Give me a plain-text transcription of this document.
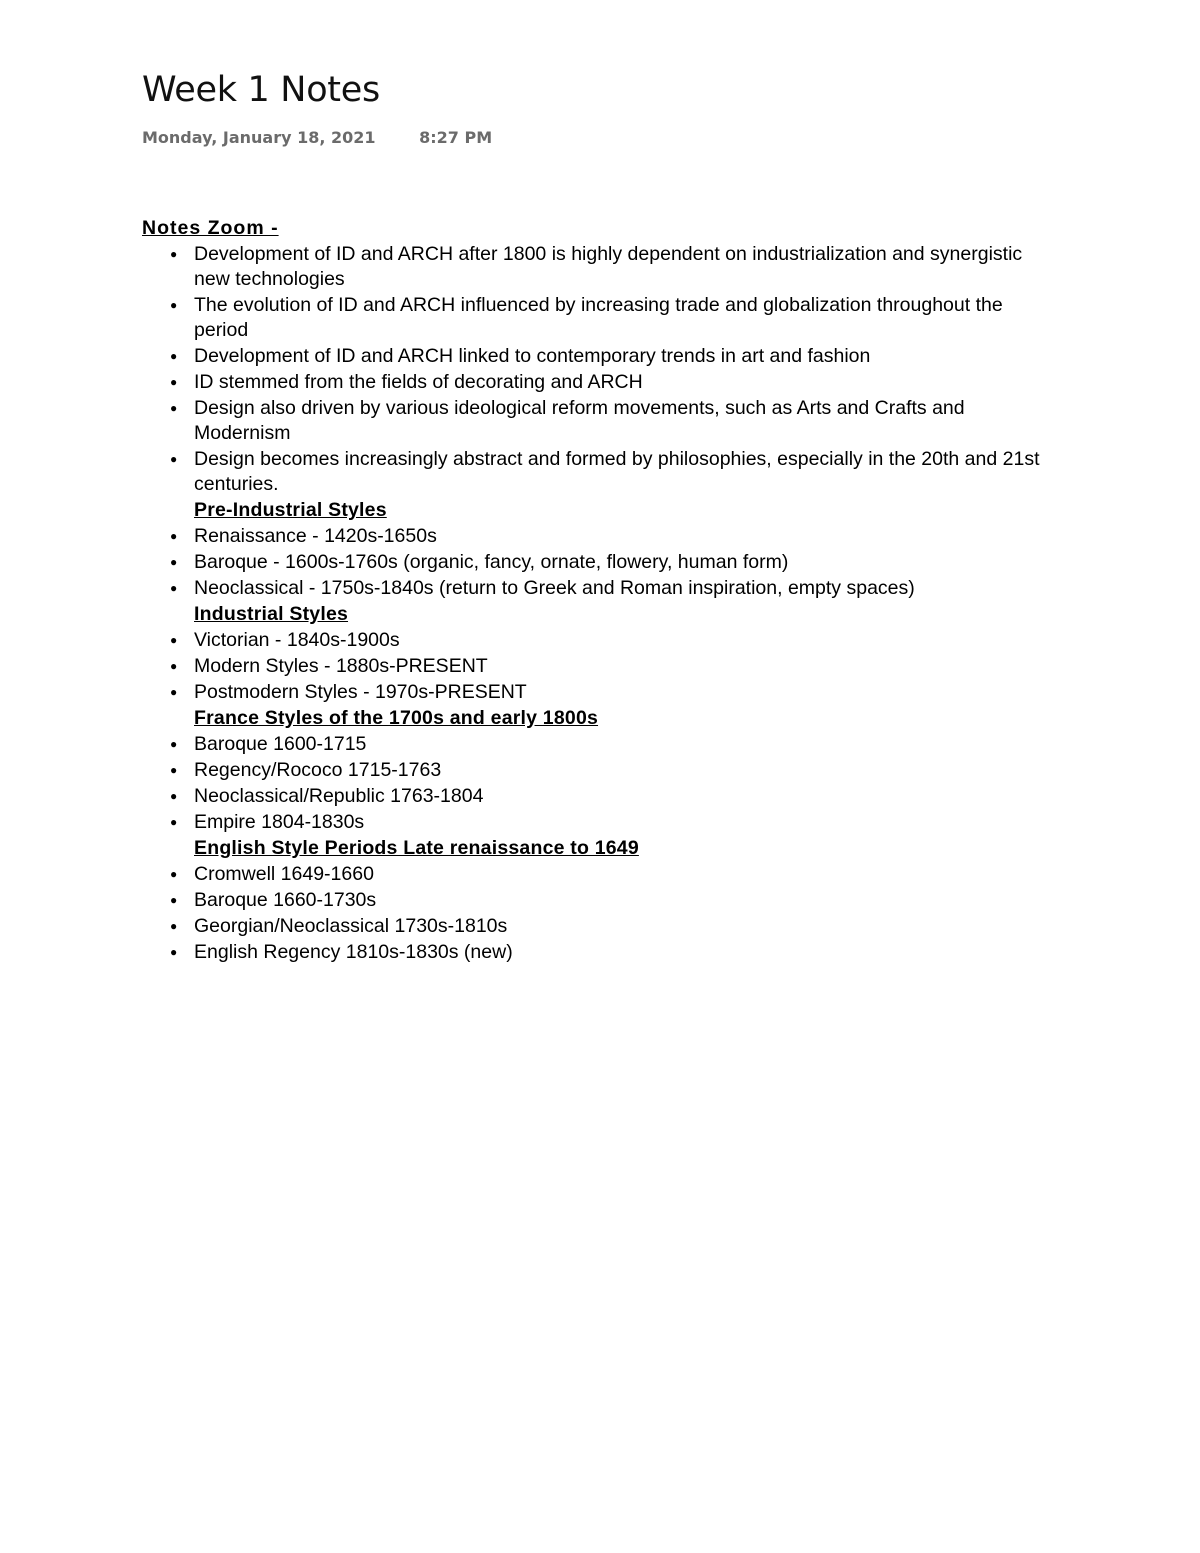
Week 1 Notes
Monday, January 18, 2021	8:27 PM
Notes Zoom -
● Development of ID and ARCH after 1800 is highly dependent on industrialization and synergistic new technologies
● The evolution of ID and ARCH influenced by increasing trade and globalization throughout the period
● Development of ID and ARCH linked to contemporary trends in art and fashion
● ID stemmed from the fields of decorating and ARCH
● Design also driven by various ideological reform movements, such as Arts and Crafts and Modernism
● Design becomes increasingly abstract and formed by philosophies, especially in the 20th and 21st centuries.
Pre-Industrial Styles
● Renaissance - 1420s-1650s
● Baroque - 1600s-1760s (organic, fancy, ornate, flowery, human form)
● Neoclassical - 1750s-1840s (return to Greek and Roman inspiration, empty spaces)
Industrial Styles
● Victorian - 1840s-1900s
● Modern Styles - 1880s-PRESENT
● Postmodern Styles - 1970s-PRESENT
France Styles of the 1700s and early 1800s
● Baroque 1600-1715
● Regency/Rococo 1715-1763
● Neoclassical/Republic 1763-1804
● Empire 1804-1830s
English Style Periods Late renaissance to 1649
● Cromwell 1649-1660
● Baroque 1660-1730s
● Georgian/Neoclassical 1730s-1810s
● English Regency 1810s-1830s (new)
